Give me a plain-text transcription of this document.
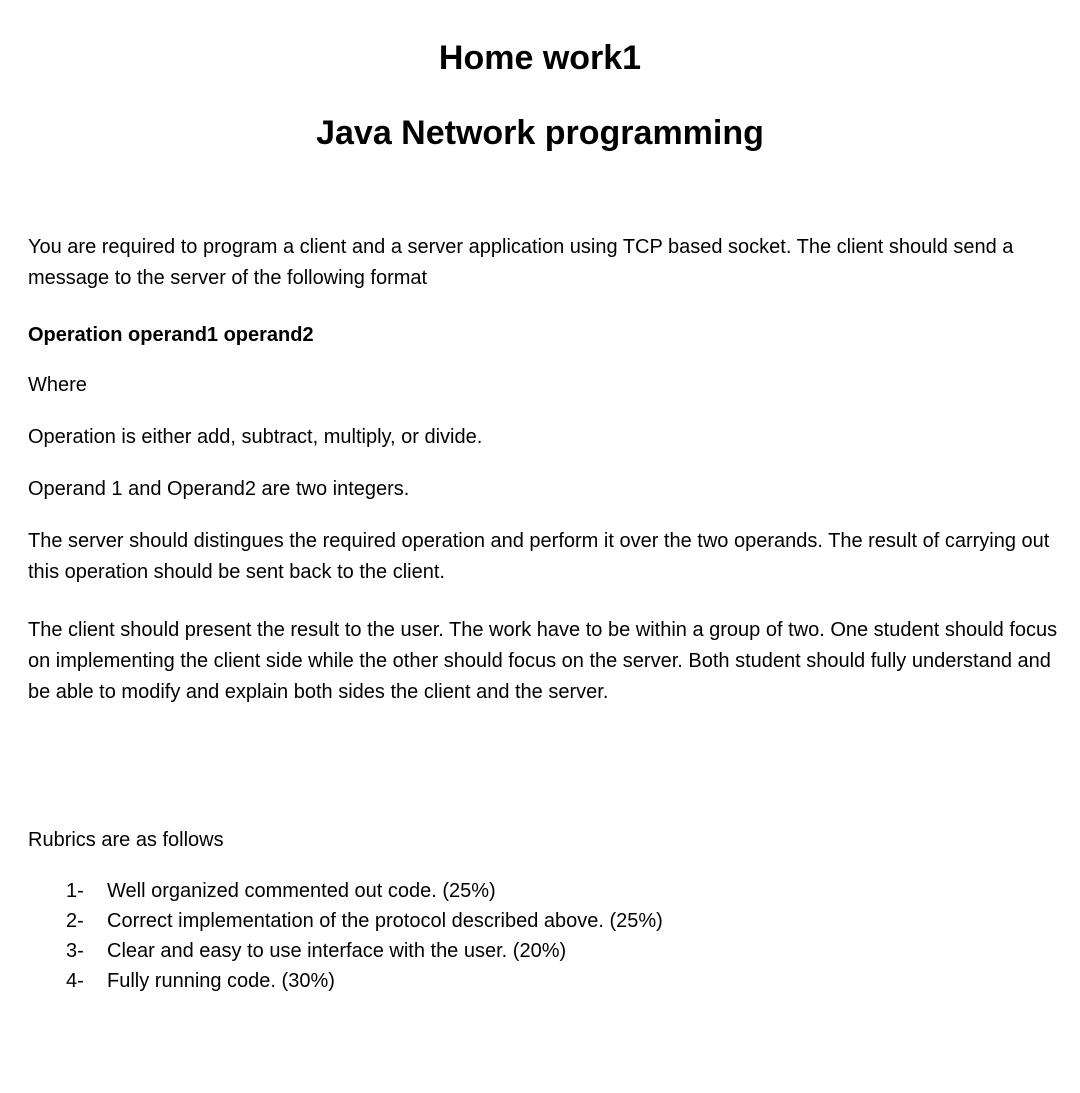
Home work1
Java Network programming

You are required to program a client and a server application using TCP based socket. The client should send a message to the server of the following format

Operation operand1 operand2

Where

Operation is either add, subtract, multiply, or divide.

Operand 1 and Operand2 are two integers.

The server should distingues the required operation and perform it over the two operands. The result of carrying out this operation should be sent back to the client.

The client should present the result to the user. The work have to be within a group of two. One student should focus on implementing the client side while the other should focus on the server. Both student should fully understand and be able to modify and explain both sides the client and the server.

Rubrics are as follows

1-	Well organized commented out code. (25%)
2-	Correct implementation of the protocol described above. (25%)
3-	Clear and easy to use interface with the user. (20%)
4-	Fully running code. (30%)
